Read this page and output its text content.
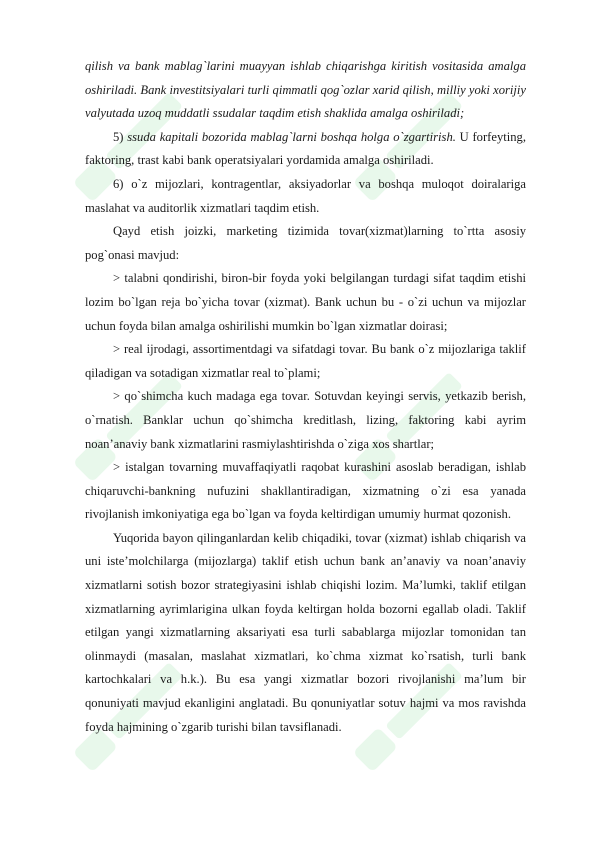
qilish va bank mablag`larini muayyan ishlab chiqarishga kiritish vositasida amalga oshiriladi. Bank investitsiyalari turli qimmatli qog`ozlar xarid qilish, milliy yoki xorijiy valyutada uzoq muddatli ssudalar taqdim etish shaklida amalga oshiriladi;

5) ssuda kapitali bozorida mablag`larni boshqa holga o`zgartirish. U forfeyting, faktoring, trast kabi bank operatsiyalari yordamida amalga oshiriladi.

6) o`z mijozlari, kontragentlar, aksiyadorlar va boshqa muloqot doiralariga maslahat va auditorlik xizmatlari taqdim etish.

Qayd etish joizki, marketing tizimida tovar(xizmat)larning to`rtta asosiy pog`onasi mavjud:

> talabni qondirishi, biron-bir foyda yoki belgilangan turdagi sifat taqdim etishi lozim bo`lgan reja bo`yicha tovar (xizmat). Bank uchun bu - o`zi uchun va mijozlar uchun foyda bilan amalga oshirilishi mumkin bo`lgan xizmatlar doirasi;

> real ijrodagi, assortimentdagi va sifatdagi tovar. Bu bank o`z mijozlariga taklif qiladigan va sotadigan xizmatlar real to`plami;

> qo`shimcha kuch madaga ega tovar. Sotuvdan keyingi servis, yetkazib berish, o`rnatish. Banklar uchun qo`shimcha kreditlash, lizing, faktoring kabi ayrim noan’anaviy bank xizmatlarini rasmiylashtirishda o`ziga xos shartlar;

> istalgan tovarning muvaffaqiyatli raqobat kurashini asoslab beradigan, ishlab chiqaruvchi-bankning nufuzini shakllantiradigan, xizmatning o`zi esa yanada rivojlanish imkoniyatiga ega bo`lgan va foyda keltirdigan umumiy hurmat qozonish.

Yuqorida bayon qilinganlardan kelib chiqadiki, tovar (xizmat) ishlab chiqarish va uni iste’molchilarga (mijozlarga) taklif etish uchun bank an’anaviy va noan’anaviy xizmatlarni sotish bozor strategiyasini ishlab chiqishi lozim. Ma’lumki, taklif etilgan xizmatlarning ayrimlarigina ulkan foyda keltirgan holda bozorni egallab oladi. Taklif etilgan yangi xizmatlarning aksariyati esa turli sabablarga mijozlar tomonidan tan olinmaydi (masalan, maslahat xizmatlari, ko`chma xizmat ko`rsatish, turli bank kartochkalari va h.k.). Bu esa yangi xizmatlar bozori rivojlanishi ma’lum bir qonuniyati mavjud ekanligini anglatadi. Bu qonuniyatlar sotuv hajmi va mos ravishda foyda hajmining o`zgarib turishi bilan tavsiflanadi.
